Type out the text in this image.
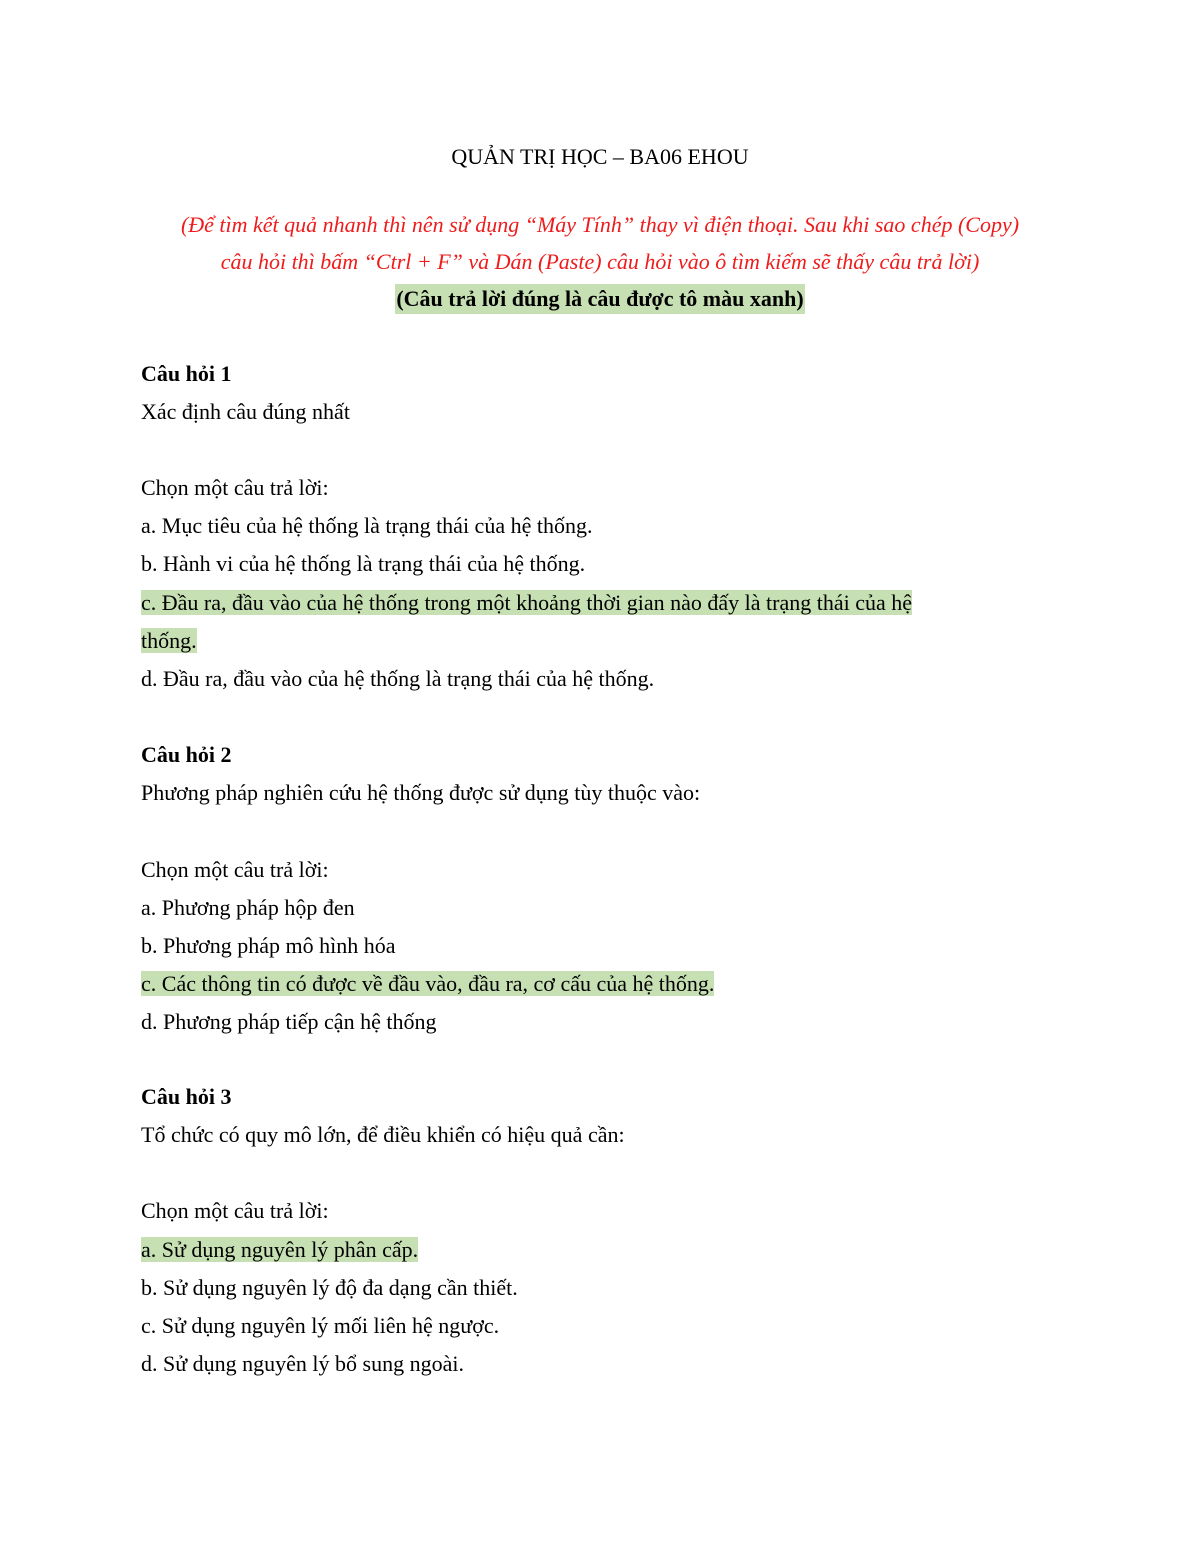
QUẢN TRỊ HỌC – BA06 EHOU
(Để tìm kết quả nhanh thì nên sử dụng “Máy Tính” thay vì điện thoại. Sau khi sao chép (Copy)
câu hỏi thì bấm “Ctrl + F” và Dán (Paste) câu hỏi vào ô tìm kiếm sẽ thấy câu trả lời)
(Câu trả lời đúng là câu được tô màu xanh)
Câu hỏi 1
Xác định câu đúng nhất
Chọn một câu trả lời:
a. Mục tiêu của hệ thống là trạng thái của hệ thống.
b. Hành vi của hệ thống là trạng thái của hệ thống.
c. Đầu ra, đầu vào của hệ thống trong một khoảng thời gian nào đấy là trạng thái của hệ
thống.
d. Đầu ra, đầu vào của hệ thống là trạng thái của hệ thống.
Câu hỏi 2
Phương pháp nghiên cứu hệ thống được sử dụng tùy thuộc vào:
Chọn một câu trả lời:
a. Phương pháp hộp đen
b. Phương pháp mô hình hóa
c. Các thông tin có được về đầu vào, đầu ra, cơ cấu của hệ thống.
d. Phương pháp tiếp cận hệ thống
Câu hỏi 3
Tổ chức có quy mô lớn, để điều khiển có hiệu quả cần:
Chọn một câu trả lời:
a. Sử dụng nguyên lý phân cấp.
b. Sử dụng nguyên lý độ đa dạng cần thiết.
c. Sử dụng nguyên lý mối liên hệ ngược.
d. Sử dụng nguyên lý bổ sung ngoài.
